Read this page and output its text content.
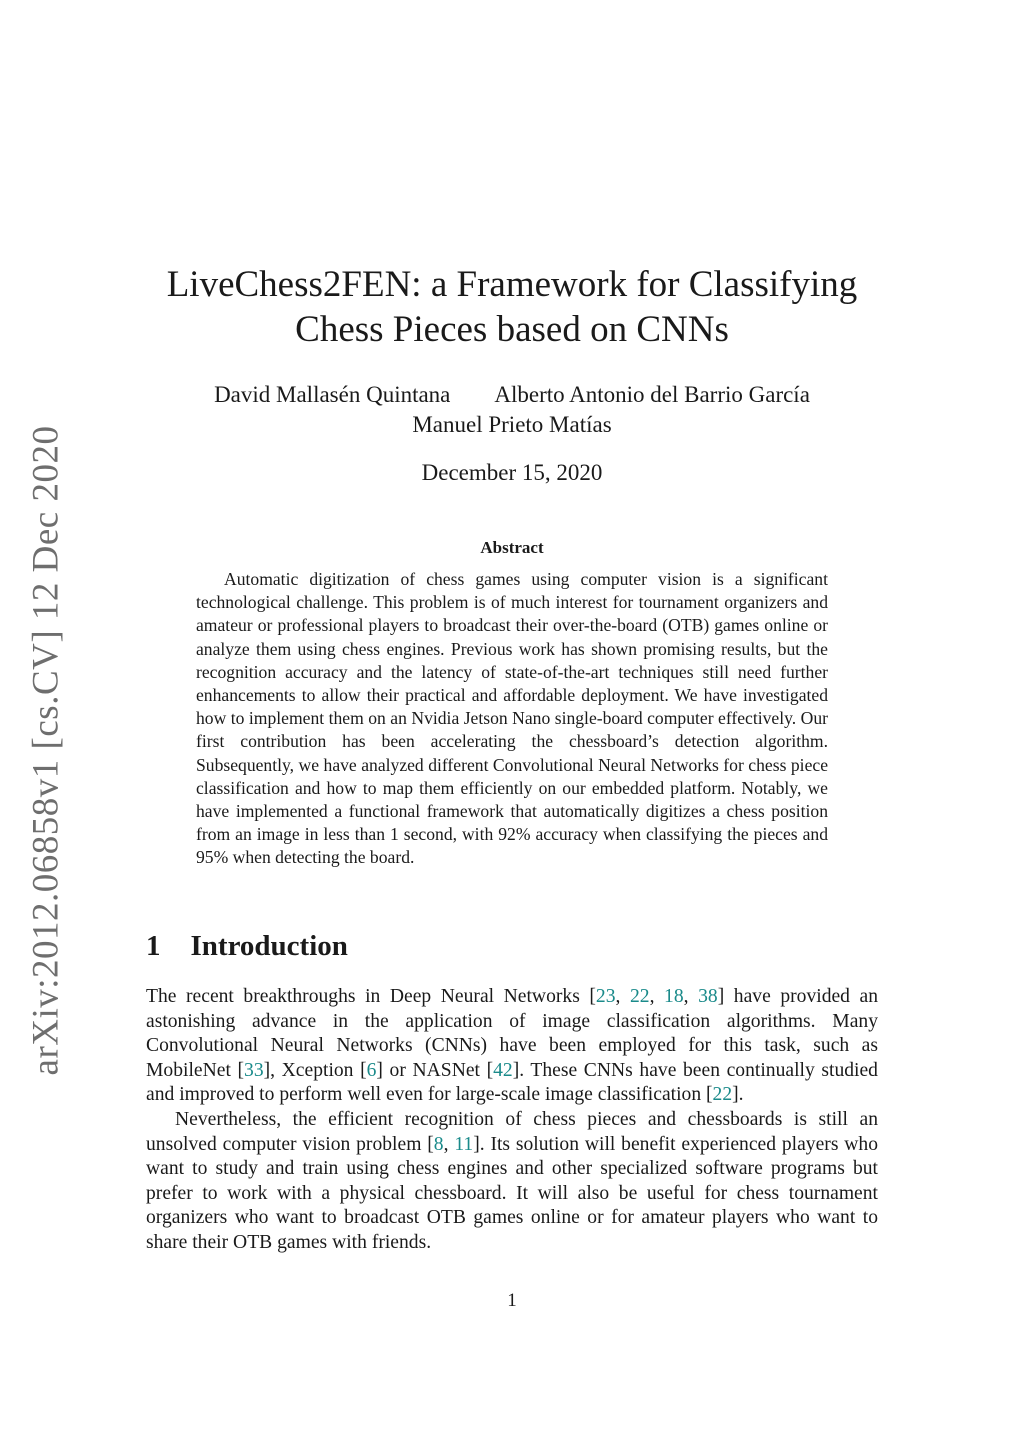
arXiv:2012.06858v1 [cs.CV] 12 Dec 2020
LiveChess2FEN: a Framework for Classifying
Chess Pieces based on CNNs
David Mallasén Quintana Alberto Antonio del Barrio García
Manuel Prieto Matías
December 15, 2020
Abstract

Automatic digitization of chess games using computer vision is a significant technological challenge. This problem is of much interest for tournament organizers and amateur or professional players to broadcast their over-the-board (OTB) games online or analyze them using chess engines. Previous work has shown promising results, but the recognition accuracy and the latency of state-of-the-art techniques still need further enhancements to allow their practical and affordable deployment. We have investigated how to implement them on an Nvidia Jetson Nano single-board computer effectively. Our first contribution has been accelerating the chessboard’s detection algorithm. Subsequently, we have analyzed different Convolutional Neural Networks for chess piece classification and how to map them efficiently on our embedded platform. Notably, we have implemented a functional framework that automatically digitizes a chess position from an image in less than 1 second, with 92% accuracy when classifying the pieces and 95% when detecting the board.

1 Introduction

The recent breakthroughs in Deep Neural Networks [23, 22, 18, 38] have provided an astonishing advance in the application of image classification algorithms. Many Convolutional Neural Networks (CNNs) have been employed for this task, such as MobileNet [33], Xception [6] or NASNet [42]. These CNNs have been continually studied and improved to perform well even for large-scale image classification [22].

Nevertheless, the efficient recognition of chess pieces and chessboards is still an unsolved computer vision problem [8, 11]. Its solution will benefit experienced players who want to study and train using chess engines and other specialized software programs but prefer to work with a physical chessboard. It will also be useful for chess tournament organizers who want to broadcast OTB games online or for amateur players who want to share their OTB games with friends.

1
